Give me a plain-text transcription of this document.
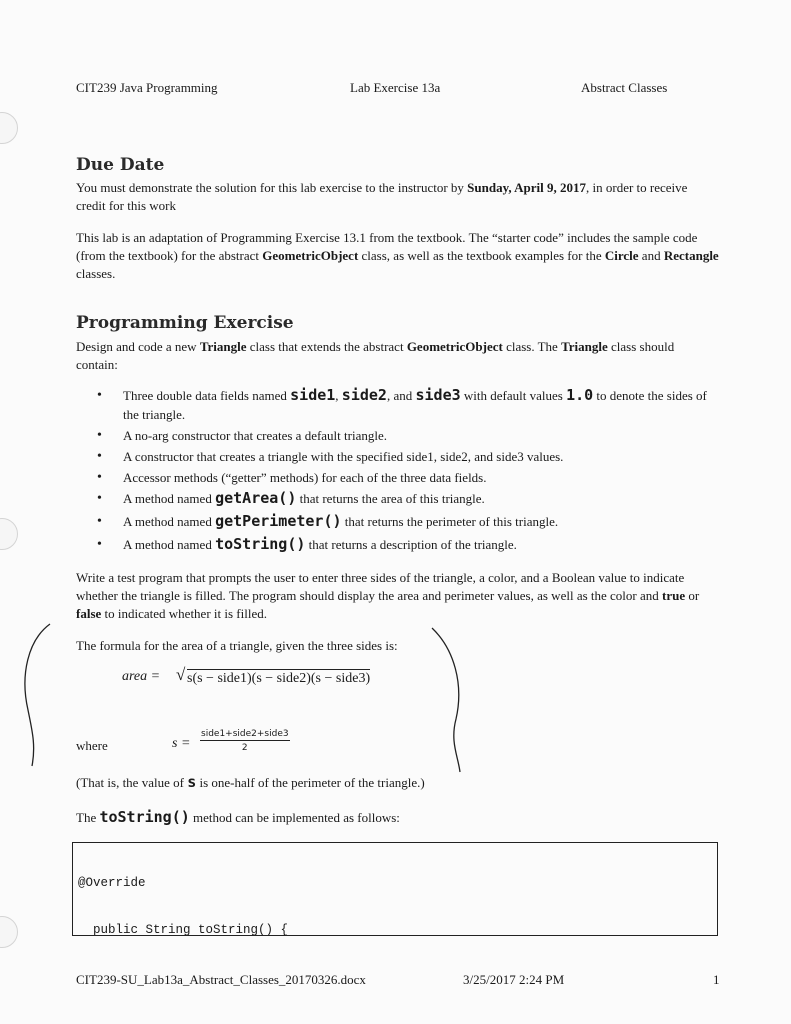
CIT239 Java Programming	Lab Exercise 13a	Abstract Classes
Due Date
You must demonstrate the solution for this lab exercise to the instructor by Sunday, April 9, 2017, in order to receive credit for this work
This lab is an adaptation of Programming Exercise 13.1 from the textbook. The “starter code” includes the sample code (from the textbook) for the abstract GeometricObject class, as well as the textbook examples for the Circle and Rectangle classes.
Programming Exercise
Design and code a new Triangle class that extends the abstract GeometricObject class. The Triangle class should contain:
• Three double data fields named side1, side2, and side3 with default values 1.0 to denote the sides of the triangle.
• A no-arg constructor that creates a default triangle.
• A constructor that creates a triangle with the specified side1, side2, and side3 values.
• Accessor methods (“getter” methods) for each of the three data fields.
• A method named getArea() that returns the area of this triangle.
• A method named getPerimeter() that returns the perimeter of this triangle.
• A method named toString() that returns a description of the triangle.
Write a test program that prompts the user to enter three sides of the triangle, a color, and a Boolean value to indicate whether the triangle is filled. The program should display the area and perimeter values, as well as the color and true or false to indicated whether it is filled.
The formula for the area of a triangle, given the three sides is:
area = √ s(s − side1)(s − side2)(s − side3)
where	s =
side1+side2+side3
2
(That is, the value of s is one-half of the perimeter of the triangle.)
The toString() method can be implemented as follows:

@Override

public String toString() {

CIT239-SU_Lab13a_Abstract_Classes_20170326.docx	3/25/2017 2:24 PM	1
